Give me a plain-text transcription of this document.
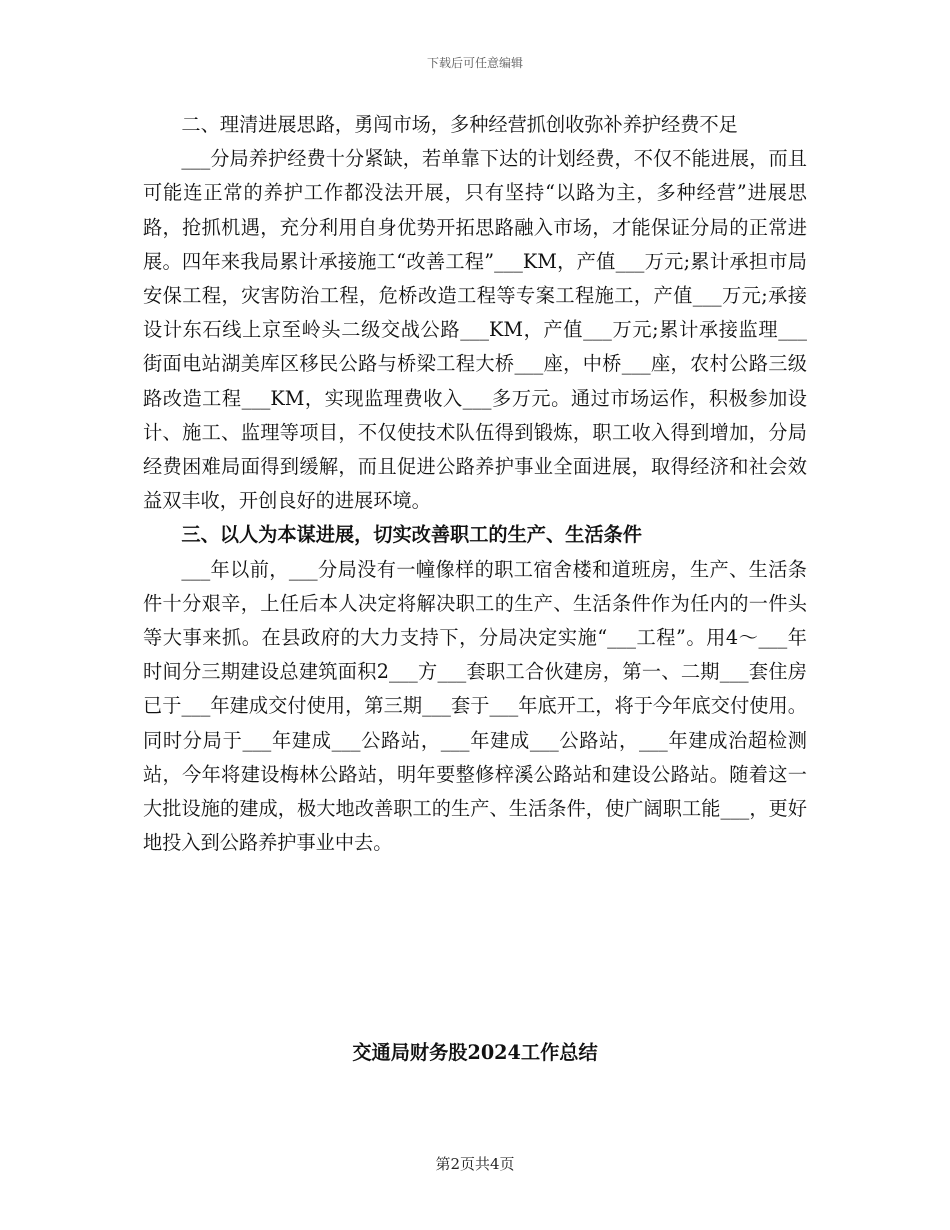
下载后可任意编辑

二、理清进展思路，勇闯市场，多种经营抓创收弥补养护经费不足

___分局养护经费十分紧缺，若单靠下达的计划经费，不仅不能进展，而且可能连正常的养护工作都没法开展，只有坚持“以路为主，多种经营”进展思路，抢抓机遇，充分利用自身优势开拓思路融入市场，才能保证分局的正常进展。四年来我局累计承接施工“改善工程”___KM，产值___万元;累计承担市局安保工程，灾害防治工程，危桥改造工程等专案工程施工，产值___万元;承接设计东石线上京至岭头二级交战公路___KM，产值___万元;累计承接监理___街面电站湖美库区移民公路与桥梁工程大桥___座，中桥___座，农村公路三级路改造工程___KM，实现监理费收入___多万元。通过市场运作，积极参加设计、施工、监理等项目，不仅使技术队伍得到锻炼，职工收入得到增加，分局经费困难局面得到缓解，而且促进公路养护事业全面进展，取得经济和社会效益双丰收，开创良好的进展环境。

三、以人为本谋进展，切实改善职工的生产、生活条件

___年以前，___分局没有一幢像样的职工宿舍楼和道班房，生产、生活条件十分艰辛，上任后本人决定将解决职工的生产、生活条件作为任内的一件头等大事来抓。在县政府的大力支持下，分局决定实施“___工程”。用4～___年时间分三期建设总建筑面积2___方___套职工合伙建房，第一、二期___套住房已于___年建成交付使用，第三期___套于___年底开工，将于今年底交付使用。同时分局于___年建成___公路站，___年建成___公路站，___年建成治超检测站，今年将建设梅林公路站，明年要整修梓溪公路站和建设公路站。随着这一大批设施的建成，极大地改善职工的生产、生活条件，使广阔职工能___，更好地投入到公路养护事业中去。

交通局财务股2024工作总结
第2页共4页
